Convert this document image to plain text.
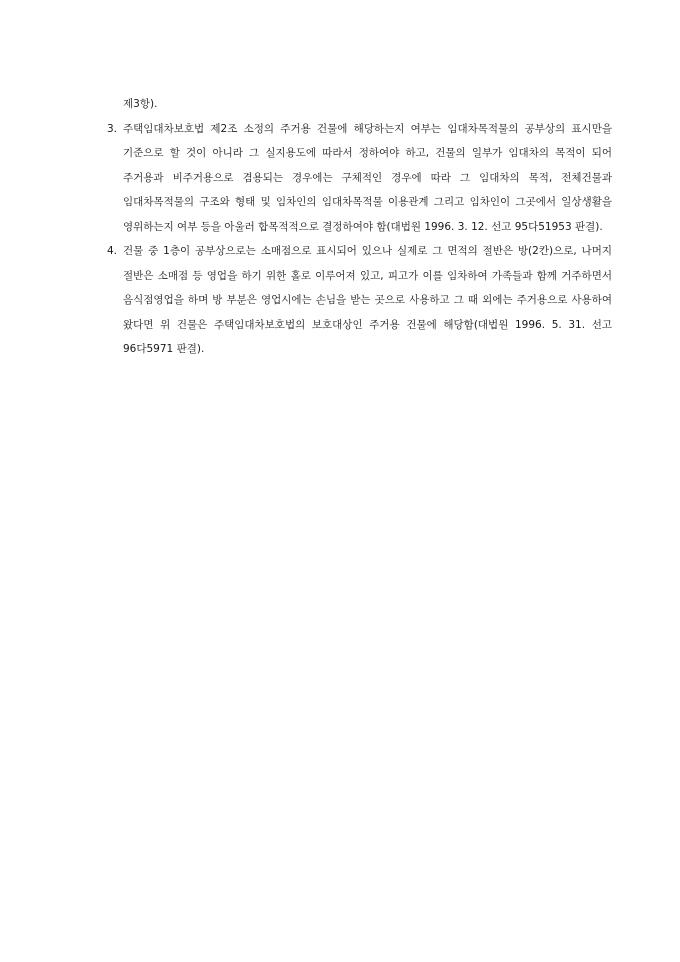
제3항).
3. 주택임대차보호법 제2조 소정의 주거용 건물에 해당하는지 여부는 임대차목적물의 공부상의 표시만을 기준으로 할 것이 아니라 그 실지용도에 따라서 정하여야 하고, 건물의 일부가 임대차의 목적이 되어 주거용과 비주거용으로 겸용되는 경우에는 구체적인 경우에 따라 그 임대차의 목적, 전체건물과 임대차목적물의 구조와 형태 및 임차인의 임대차목적물 이용관계 그리고 임차인이 그곳에서 일상생활을 영위하는지 여부 등을 아울러 합목적적으로 결정하여야 함(대법원 1996. 3. 12. 선고 95다51953 판결).
4. 건물 중 1층이 공부상으로는 소매점으로 표시되어 있으나 실제로 그 면적의 절반은 방(2칸)으로, 나머지 절반은 소매점 등 영업을 하기 위한 홀로 이루어져 있고, 피고가 이를 임차하여 가족들과 함께 거주하면서 음식점영업을 하며 방 부분은 영업시에는 손님을 받는 곳으로 사용하고 그 때 외에는 주거용으로 사용하여 왔다면 위 건물은 주택임대차보호법의 보호대상인 주거용 건물에 해당함(대법원 1996. 5. 31. 선고 96다5971 판결).
